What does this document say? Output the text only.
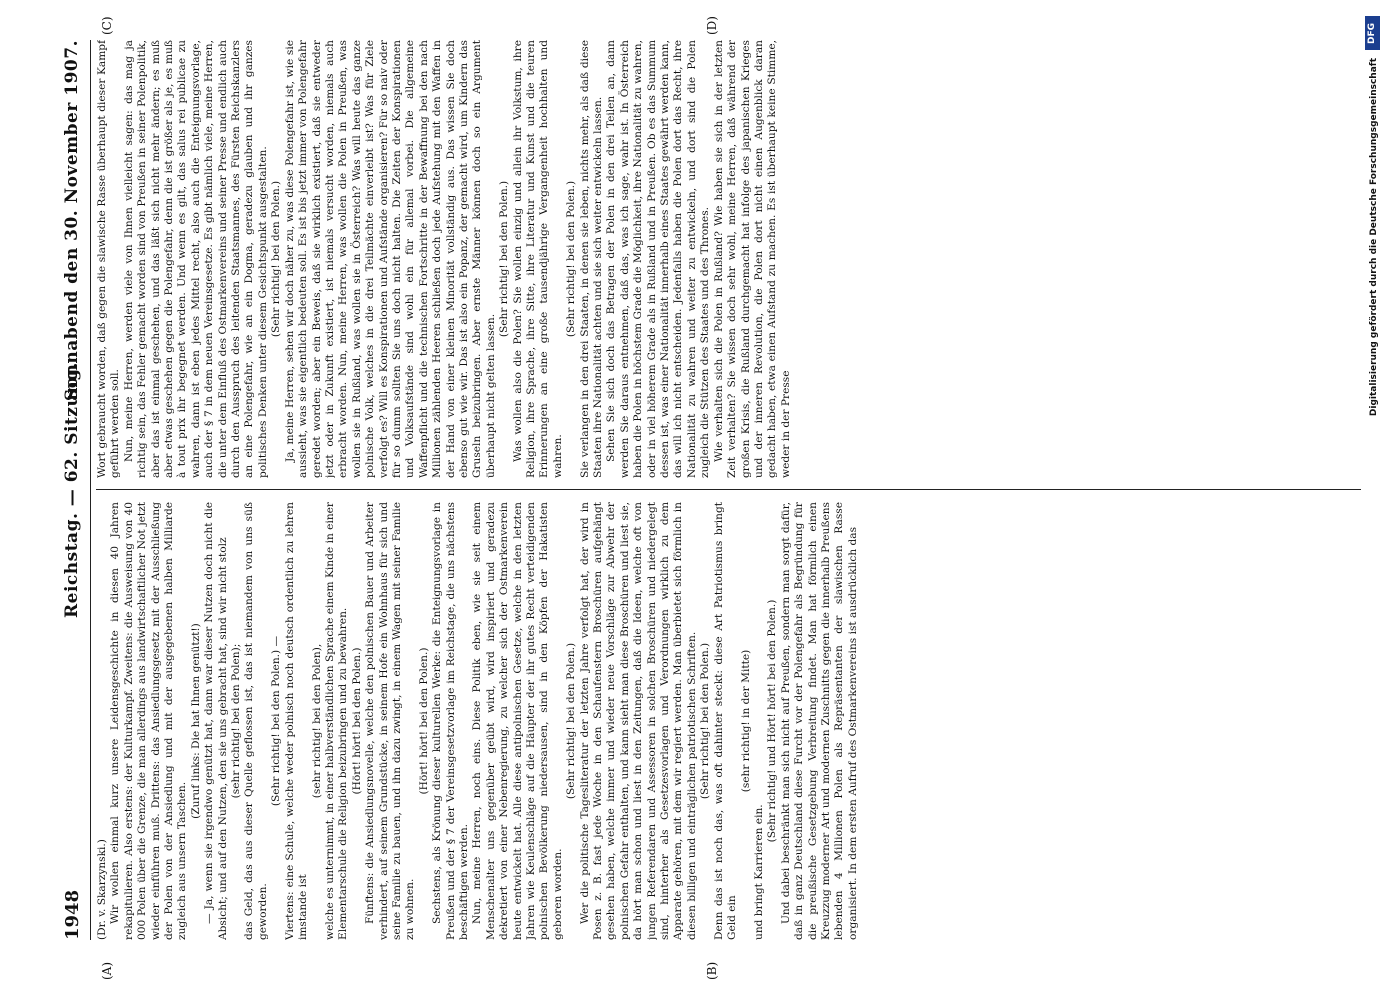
1948
Reichstag. — 62. Sitzung.
Sonnabend den 30. November 1907.
(A)	(B)
(C)	(D)

(Dr. v. Skarzynski.) Wir wollen einmal kurz unsere Leidensgeschichte in diesen 40 Jahren rekapitulieren. Also erstens: der Kulturkampf. Zweitens: die Ausweisung von 40 000 Polen über die Grenze, die man allerdings aus landwirtschaftlicher Not jetzt wieder einführen muß. Drittens: das Ansiedlungsgesetz mit der Ausschließung der Polen von der Ansiedlung und mit der ausgegebenen halben Milliarde zugleich aus unsern Taschen.

(Zuruf links: Die hat Ihnen genützt!) — Ja, wenn sie irgendwo genützt hat, dann war dieser Nutzen doch nicht die Absicht; und auf den Nutzen, den sie uns gebracht hat, sind wir nicht stolz (sehr richtig! bei den Polen); das Geld, das aus dieser Quelle geflossen ist, das ist niemandem von uns süß geworden.

(Sehr richtig! bei den Polen.) — Viertens: eine Schule, welche weder polnisch noch deutsch ordentlich zu lehren imstande ist

(sehr richtig! bei den Polen), welche es unternimmt, in einer halbverständlichen Sprache einem Kinde in einer Elementarschule die Religion beizubringen und zu bewahren. (Hört! hört! bei den Polen.) Fünftens: die Ansiedlungsnovelle, welche den polnischen Bauer und Arbeiter verhindert, auf seinem Grundstücke, in seinem Hofe ein Wohnhaus für sich und seine Familie zu bauen, und ihn dazu zwingt, in einem Wagen mit seiner Familie zu wohnen.

(Hört! hört! bei den Polen.) Sechstens, als Krönung dieser kulturellen Werke: die Enteignungsvorlage in Preußen und der § 7 der Vereinsgesetzvorlage im Reichstage, die uns nächstens beschäftigen werden. Nun, meine Herren, noch eins. Diese Politik eben, wie sie seit einem Menschenalter uns gegenüber geübt wird, wird inspiriert und geradezu dekretiert von einer Nebenregierung, zu welcher sich der Ostmarkenverein heute entwickelt hat. Alle diese antipolnischen Gesetze, welche in den letzten Jahren wie Keulenschläge auf die Häupter der ihr gutes Recht verteidigenden polnischen Bevölkerung niedersausen, sind in den Köpfen der Hakatisten geboren worden.

(Sehr richtig! bei den Polen.) Wer die politische Tagesliteratur der letzten Jahre verfolgt hat, der wird in Posen z. B. fast jede Woche in den Schaufenstern Broschüren aufgehängt gesehen haben, welche immer und wieder neue Vorschläge zur Abwehr der polnischen Gefahr enthalten, und kann sieht man diese Broschüren und liest sie, da hört man schon und liest in den Zeitungen, daß die Ideen, welche oft von jungen Referendaren und Assessoren in solchen Broschüren und niedergelegt sind, hinterher als Gesetzesvorlagen und Verordnungen wirklich zu dem Apparate gehören, mit dem wir regiert werden. Man überbietet sich förmlich in diesen billigen und einträglichen patriotischen Schriften. (Sehr richtig! bei den Polen.) Denn das ist noch das, was oft dahinter steckt: diese Art Patriotismus bringt Geld ein

(sehr richtig! in der Mitte)

und bringt Karrieren ein.

(Sehr richtig! und Hört! hört! bei den Polen.) Und dabei beschränkt man sich nicht auf Preußen, sondern man sorgt dafür, daß in ganz Deutschland diese Furcht vor der Polengefahr als Begründung für die preußische Gesetzgebung Verbreitung findet. Man hat förmlich einen Kreuzzug moderner Art und modernen Zuschnitts gegen die innerhalb Preußens lebenden 4 Millionen Polen als Repräsentanten der slawischen Rasse organisiert. In dem ersten Aufruf des Ostmarkenvereins ist ausdrücklich das

Wort gebraucht worden, daß gegen die slawische Rasse überhaupt dieser Kampf geführt werden soll. Nun, meine Herren, werden viele von Ihnen vielleicht sagen: das mag ja richtig sein, das Fehler gemacht worden sind von Preußen in seiner Polenpolitik, aber das ist einmal geschehen, und das läßt sich nicht mehr ändern; es muß aber etwas geschehen gegen die Polengefahr, denn die ist größer als je, es muß à tout prix ihr begegnet werden. Und wenn es gilt, das salus rei publicae zu wahren, dann ist eben jedes Mittel recht, also auch die Enteignungsvorlage, auch der § 7 in dem neuen Vereinsgesetze. Es gibt nämlich viele, meine Herren, die unter dem Einfluß des Ostmarkenvereins und seiner Presse und endlich auch durch den Ausspruch des leitenden Staatsmannes, des Fürsten Reichskanzlers an eine Polengefahr, wie an ein Dogma, geradezu glauben und ihr ganzes politisches Denken unter diesem Gesichtspunkt ausgestalten. (Sehr richtig! bei den Polen.) Ja, meine Herren, sehen wir doch näher zu, was diese Polengefahr ist, wie sie aussieht, was sie eigentlich bedeuten soll. Es ist bis jetzt immer von Polengefahr geredet worden; aber ein Beweis, daß sie wirklich existiert, daß sie entweder jetzt oder in Zukunft existiert, ist niemals versucht worden, niemals auch erbracht worden. Nun, meine Herren, was wollen die Polen in Preußen, was wollen sie in Rußland, was wollen sie in Österreich? Was will heute das ganze polnische Volk, welches in die drei Teilmächte einverleibt ist? Was für Ziele verfolgt es? Will es Konspirationen und Aufstände organisieren? Für so naiv oder für so dumm sollten Sie uns doch nicht halten. Die Zeiten der Konspirationen und Volksaufstände sind wohl ein für allemal vorbei. Die allgemeine Waffenpflicht und die technischen Fortschritte in der Bewaffnung bei den nach Millionen zählenden Heeren schließen doch jede Aufstehung mit den Waffen in der Hand von einer kleinen Minorität vollständig aus. Das wissen Sie doch ebenso gut wie wir. Das ist also ein Popanz, der gemacht wird, um Kindern das Gruseln beizubringen. Aber ernste Männer können doch so ein Argument überhaupt nicht gelten lassen.

(Sehr richtig! bei den Polen.) Was wollen also die Polen? Sie wollen einzig und allein ihr Volkstum, ihre Religion, ihre Sprache, ihre Sitte, ihre Literatur und Kunst und die teuren Erinnerungen an eine große tausendjährige Vergangenheit hochhalten und wahren.

(Sehr richtig! bei den Polen.) Sie verlangen in den drei Staaten, in denen sie leben, nichts mehr, als daß diese Staaten ihre Nationalität achten und sie sich weiter entwickeln lassen. Sehen Sie sich doch das Betragen der Polen in den drei Teilen an, dann werden Sie daraus entnehmen, daß das, was ich sage, wahr ist. In Österreich haben die Polen in höchstem Grade die Möglichkeit, ihre Nationalität zu wahren, oder in viel höherem Grade als in Rußland und in Preußen. Ob es das Summum dessen ist, was einer Nationalität innerhalb eines Staates gewährt werden kann, das will ich nicht entscheiden. Jedenfalls haben die Polen dort das Recht, ihre Nationalität zu wahren und weiter zu entwickeln, und dort sind die Polen zugleich die Stützen des Staates und des Thrones. Wie verhalten sich die Polen in Rußland? Wie haben sie sich in der letzten Zeit verhalten? Sie wissen doch sehr wohl, meine Herren, daß während der großen Krisis, die Rußland durchgemacht hat infolge des japanischen Krieges und der inneren Revolution, die Polen dort nicht einen Augenblick daran gedacht haben, etwa einen Aufstand zu machen. Es ist überhaupt keine Stimme, weder in der Presse

DFG
Digitalisierung gefördert durch die Deutsche Forschungsgemeinschaft
